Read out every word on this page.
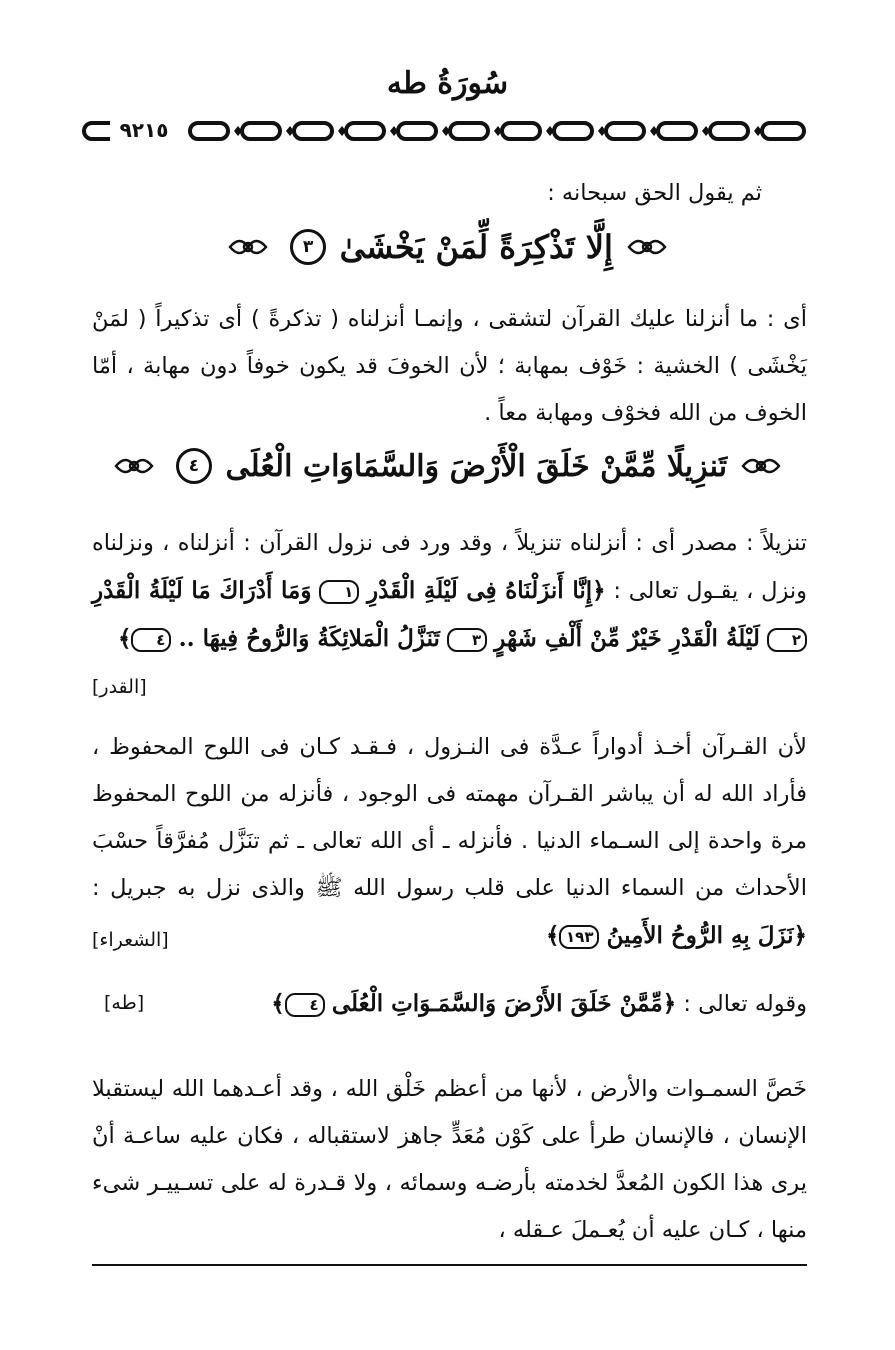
سُورَةُ طه
٩٢١٥
ثم يقول الحق سبحانه :
إِلَّا تَذْكِرَةً لِّمَنْ يَخْشَىٰ ٣
أى : ما أنزلنا عليك القرآن لتشقى ، وإنمـا أنزلناه ( تذكرةً ) أى تذكيراً ( لمَنْ يَخْشَى ) الخشية : خَوْف بمهابة ؛ لأن الخوفَ قد يكون خوفاً دون مهابة ، أمّا الخوف من الله فخوْف ومهابة معاً .
تَنزِيلًا مِّمَّنْ خَلَقَ الْأَرْضَ وَالسَّمَاوَاتِ الْعُلَى ٤
تنزيلاً : مصدر أى : أنزلناه تنزيلاً ، وقد ورد فى نزول القرآن : أنزلناه ، ونزلناه ونزل ، يقـول تعالى : ﴿إِنَّا أَنزَلْنَاهُ فِى لَيْلَةِ الْقَدْرِ ١ وَمَا أَدْرَاكَ مَا لَيْلَةُ الْقَدْرِ ٢ لَيْلَةُ الْقَدْرِ خَيْرٌ مِّنْ أَلْفِ شَهْرٍ ٣ تَنَزَّلُ الْمَلائِكَةُ وَالرُّوحُ فِيهَا .. ٤﴾
[القدر]
لأن القـرآن أخـذ أدواراً عـدَّة فى النـزول ، فـقـد كـان فى اللوح المحفوظ ، فأراد الله له أن يباشر القـرآن مهمته فى الوجود ، فأنزله من اللوح المحفوظ مرة واحدة إلى السـماء الدنيا . فأنزله ـ أى الله تعالى ـ ثم تنَزَّل مُفرَّقاً حسْبَ الأحداث من السماء الدنيا على قلب رسول الله ﷺ والذى نزل به جبريل : ﴿نَزَلَ بِهِ الرُّوحُ الأَمِينُ ١٩٣﴾
[الشعراء]
وقوله تعالى : ﴿مِّمَّنْ خَلَقَ الأَرْضَ وَالسَّمَـوَاتِ الْعُلَى ٤﴾
[طه]
خَصَّ السمـوات والأرض ، لأنها من أعظم خَلْق الله ، وقد أعـدهما الله ليستقبلا الإنسان ، فالإنسان طرأ على كَوْن مُعَدٍّ جاهز لاستقباله ، فكان عليه ساعـة أنْ يرى هذا الكون المُعدَّ لخدمته بأرضـه وسمائه ، ولا قـدرة له على تسـييـر شىء منها ، كـان عليه أن يُعـملَ عـقله ،
